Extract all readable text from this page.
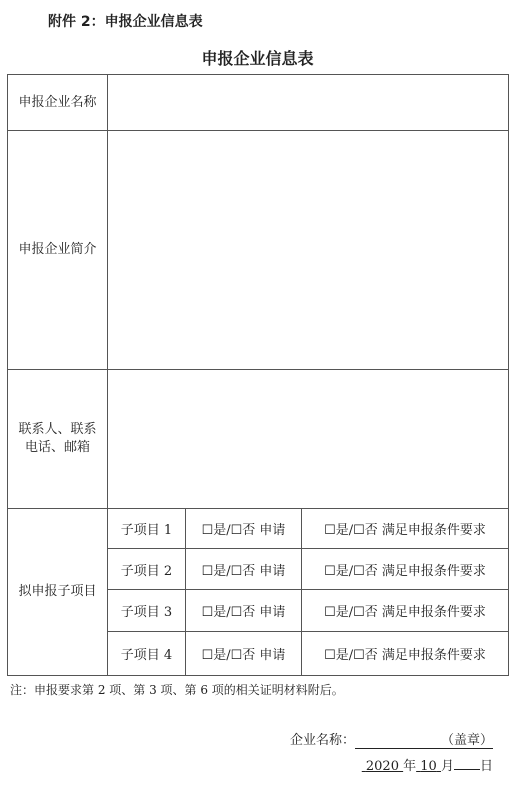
附件 2：申报企业信息表
申报企业信息表
申报企业名称			
申报企业简介			

联系人、联系
电话、邮箱			

拟申报子项目	子项目 1	☐是/☐否 申请	☐是/☐否 满足申报条件要求
	子项目 2	☐是/☐否 申请	☐是/☐否 满足申报条件要求
	子项目 3	☐是/☐否 申请	☐是/☐否 满足申报条件要求
	子项目 4	☐是/☐否 申请	☐是/☐否 满足申报条件要求
注：申报要求第 2 项、第 3 项、第 6 项的相关证明材料附后。
企业名称：	（盖章）
2020 年 10 月 日
